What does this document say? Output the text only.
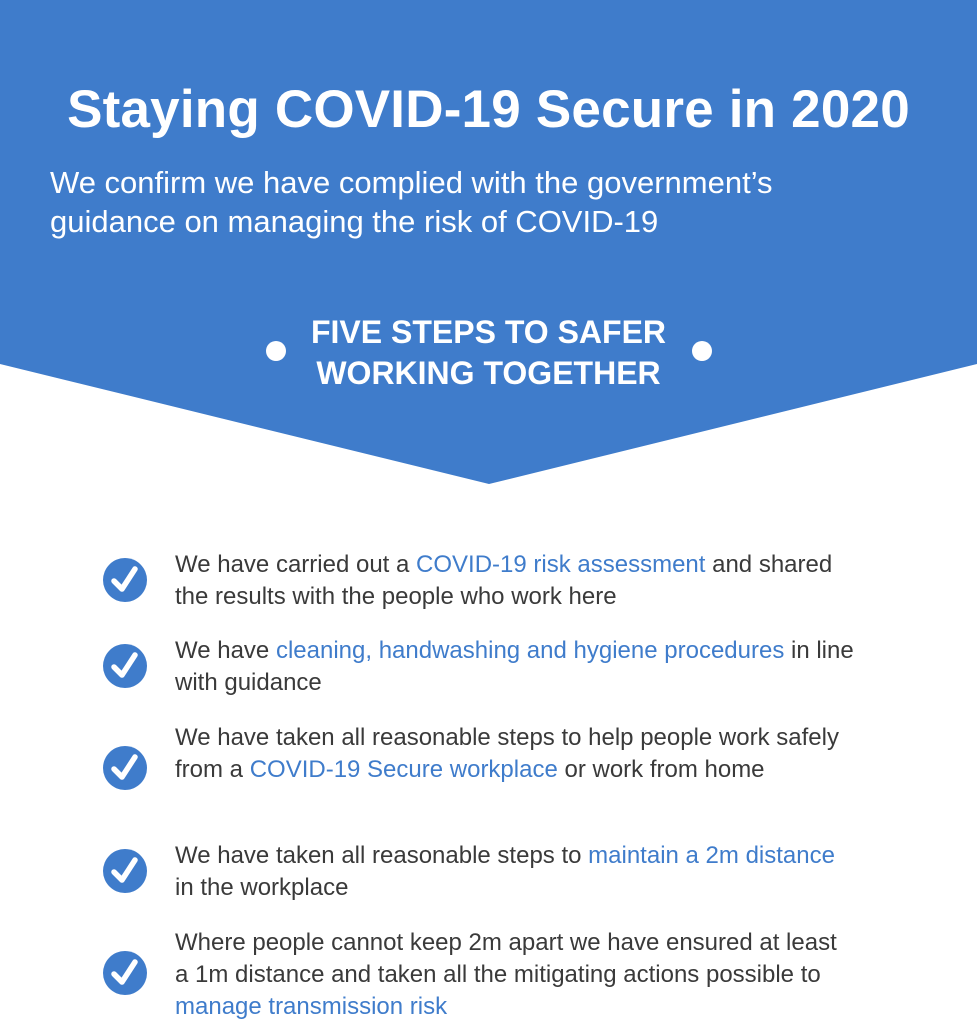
Staying COVID-19 Secure in 2020

We confirm we have complied with the government’s
guidance on managing the risk of COVID-19

FIVE STEPS TO SAFER
WORKING TOGETHER

We have carried out a COVID-19 risk assessment and shared the results with the people who work here

We have cleaning, handwashing and hygiene procedures in line with guidance

We have taken all reasonable steps to help people work safely from a COVID-19 Secure workplace or work from home

We have taken all reasonable steps to maintain a 2m distance in the workplace

Where people cannot keep 2m apart we have ensured at least a 1m distance and taken all the mitigating actions possible to manage transmission risk
